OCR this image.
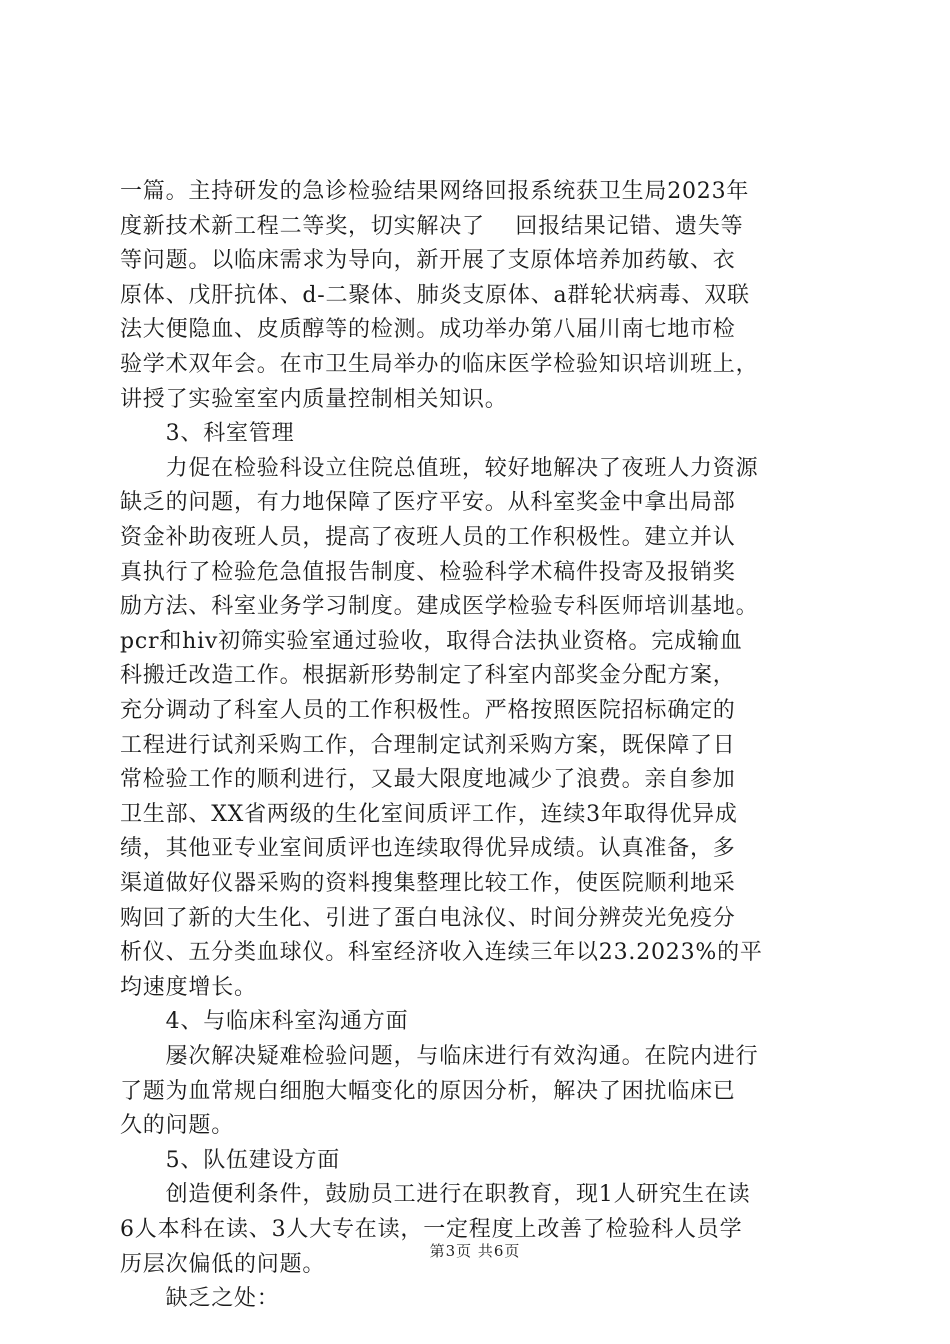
一篇。主持研发的急诊检验结果网络回报系统获卫生局2023年
度新技术新工程二等奖，切实解决了　 回报结果记错、遗失等
等问题。以临床需求为导向，新开展了支原体培养加药敏、衣
原体、戊肝抗体、d-二聚体、肺炎支原体、a群轮状病毒、双联
法大便隐血、皮质醇等的检测。成功举办第八届川南七地市检
验学术双年会。在市卫生局举办的临床医学检验知识培训班上，
讲授了实验室室内质量控制相关知识。
　　3、科室管理
　　力促在检验科设立住院总值班，较好地解决了夜班人力资源
缺乏的问题，有力地保障了医疗平安。从科室奖金中拿出局部
资金补助夜班人员，提高了夜班人员的工作积极性。建立并认
真执行了检验危急值报告制度、检验科学术稿件投寄及报销奖
励方法、科室业务学习制度。建成医学检验专科医师培训基地。
pcr和hiv初筛实验室通过验收，取得合法执业资格。完成输血
科搬迁改造工作。根据新形势制定了科室内部奖金分配方案，
充分调动了科室人员的工作积极性。严格按照医院招标确定的
工程进行试剂采购工作，合理制定试剂采购方案，既保障了日
常检验工作的顺利进行，又最大限度地减少了浪费。亲自参加
卫生部、XX省两级的生化室间质评工作，连续3年取得优异成
绩，其他亚专业室间质评也连续取得优异成绩。认真准备，多
渠道做好仪器采购的资料搜集整理比较工作，使医院顺利地采
购回了新的大生化、引进了蛋白电泳仪、时间分辨荧光免疫分
析仪、五分类血球仪。科室经济收入连续三年以23.2023%的平
均速度增长。
　　4、与临床科室沟通方面
　　屡次解决疑难检验问题，与临床进行有效沟通。在院内进行
了题为血常规白细胞大幅变化的原因分析，解决了困扰临床已
久的问题。
　　5、队伍建设方面
　　创造便利条件，鼓励员工进行在职教育，现1人研究生在读
6人本科在读、3人大专在读，一定程度上改善了检验科人员学
历层次偏低的问题。
　　缺乏之处：
第3页 共6页
